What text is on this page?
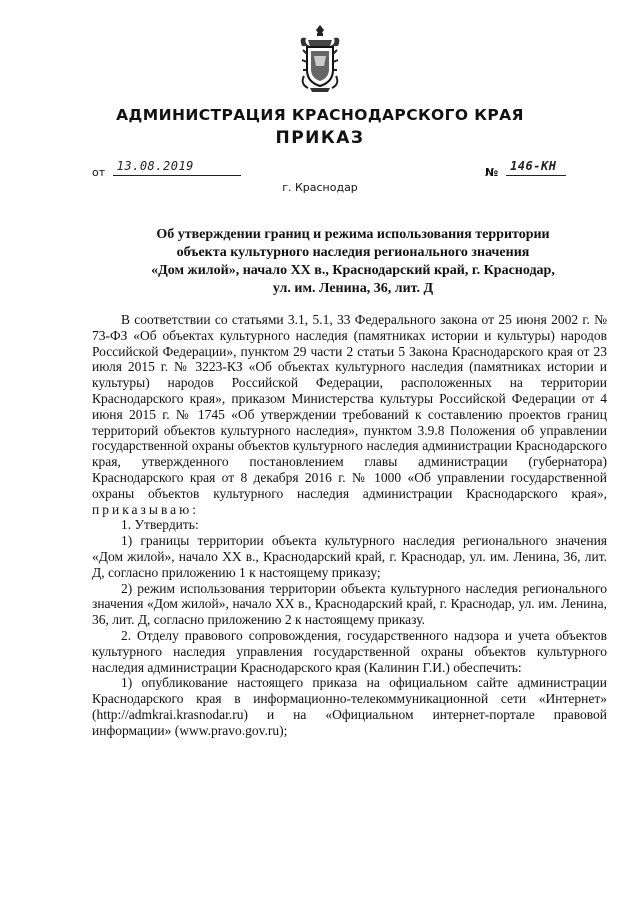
АДМИНИСТРАЦИЯ КРАСНОДАРСКОГО КРАЯ
ПРИКАЗ
от 13.08.2019	№ 146-КН
г. Краснодар
Об утверждении границ и режима использования территории
объекта культурного наследия регионального значения
«Дом жилой», начало XX в., Краснодарский край, г. Краснодар,
ул. им. Ленина, 36, лит. Д

В соответствии со статьями 3.1, 5.1, 33 Федерального закона от 25 июня 2002 г. № 73-ФЗ «Об объектах культурного наследия (памятниках истории и культуры) народов Российской Федерации», пунктом 29 части 2 статьи 5 Закона Краснодарского края от 23 июля 2015 г. № 3223-КЗ «Об объектах культурного наследия (памятниках истории и культуры) народов Российской Федерации, расположенных на территории Краснодарского края», приказом Министерства культуры Российской Федерации от 4 июня 2015 г. № 1745 «Об утверждении требований к составлению проектов границ территорий объектов культурного наследия», пунктом 3.9.8 Положения об управлении государственной охраны объектов культурного наследия администрации Краснодарского края, утвержденного постановлением главы администрации (губернатора) Краснодарского края от 8 декабря 2016 г. № 1000 «Об управлении государственной охраны объектов культурного наследия администрации Краснодарского края», приказываю:

1. Утвердить:

1) границы территории объекта культурного наследия регионального значения «Дом жилой», начало XX в., Краснодарский край, г. Краснодар, ул. им. Ленина, 36, лит. Д, согласно приложению 1 к настоящему приказу;

2) режим использования территории объекта культурного наследия регионального значения «Дом жилой», начало XX в., Краснодарский край, г. Краснодар, ул. им. Ленина, 36, лит. Д, согласно приложению 2 к настоящему приказу.

2. Отделу правового сопровождения, государственного надзора и учета объектов культурного наследия управления государственной охраны объектов культурного наследия администрации Краснодарского края (Калинин Г.И.) обеспечить:

1) опубликование настоящего приказа на официальном сайте администрации Краснодарского края в информационно-телекоммуникационной сети «Интернет» (http://admkrai.krasnodar.ru) и на «Официальном интернет-портале правовой информации» (www.pravo.gov.ru);
